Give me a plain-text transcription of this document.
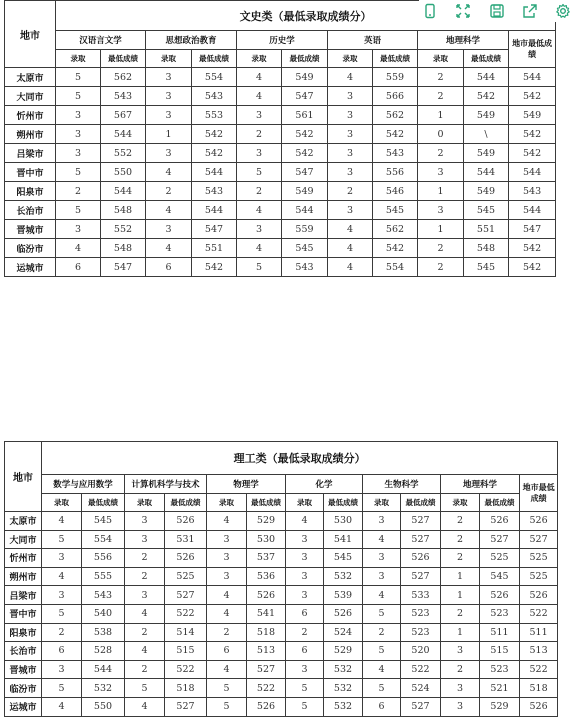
地市	文史类（最低录取成绩分）										
	汉语言文学		思想政治教育		历史学		英语		地理科学		地市最低成绩
	录取	最低成绩	录取	最低成绩	录取	最低成绩	录取	最低成绩	录取	最低成绩	
太原市	5	562	3	554	4	549	4	559	2	544	544
大同市	5	543	3	543	4	547	3	566	2	542	542
忻州市	3	567	3	553	3	561	3	562	1	549	549
朔州市	3	544	1	542	2	542	3	542	0	\	542
吕梁市	3	552	3	542	3	542	3	543	2	549	542
晋中市	5	550	4	544	5	547	3	556	3	544	544
阳泉市	2	544	2	543	2	549	2	546	1	549	543
长治市	5	548	4	544	4	544	3	545	3	545	544
晋城市	3	552	3	547	3	559	4	562	1	551	547
临汾市	4	548	4	551	4	545	4	542	2	548	542
运城市	6	547	6	542	5	543	4	554	2	545	542
地市	理工类（最低录取成绩分）												
	数学与应用数学		计算机科学与技术		物理学		化学		生物科学		地理科学		地市最低成绩
	录取	最低成绩	录取	最低成绩	录取	最低成绩	录取	最低成绩	录取	最低成绩	录取	最低成绩	
太原市	4	545	3	526	4	529	4	530	3	527	2	526	526
大同市	5	554	3	531	3	530	3	541	4	527	2	527	527
忻州市	3	556	2	526	3	537	3	545	3	526	2	525	525
朔州市	4	555	2	525	3	536	3	532	3	527	1	545	525
吕梁市	3	543	3	527	4	526	3	539	4	533	1	526	526
晋中市	5	540	4	522	4	541	6	526	5	523	2	523	522
阳泉市	2	538	2	514	2	518	2	524	2	523	1	511	511
长治市	6	528	4	515	6	513	6	529	5	520	3	515	513
晋城市	3	544	2	522	4	527	3	532	4	522	2	523	522
临汾市	5	532	5	518	5	522	5	532	5	524	3	521	518
运城市	4	550	4	527	5	526	5	532	6	527	3	529	526
